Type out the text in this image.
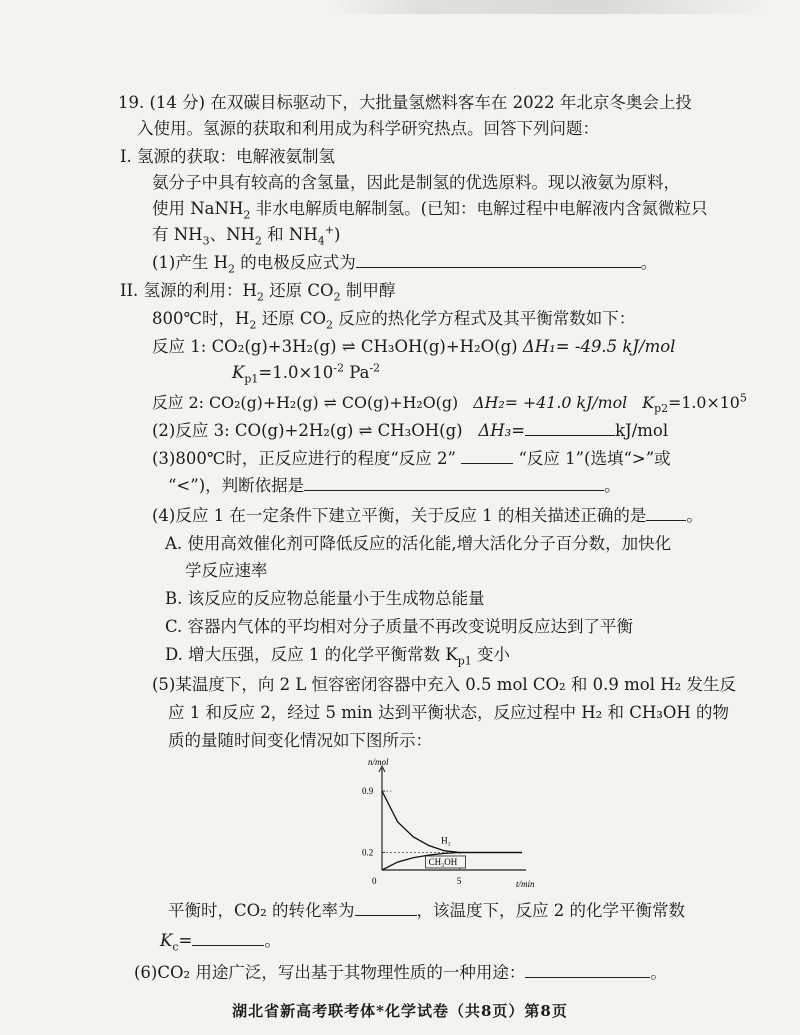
19. (14 分) 在双碳目标驱动下，大批量氢燃料客车在 2022 年北京冬奥会上投
入使用。氢源的获取和利用成为科学研究热点。回答下列问题：
I. 氢源的获取：电解液氨制氢
氨分子中具有较高的含氢量，因此是制氢的优选原料。现以液氨为原料，
使用 NaNH$_2$ 非水电解质电解制氢。(已知：电解过程中电解液内含氮微粒只
有 $NH_3$、$NH_2$ 和 $NH_4^+$)
(1)产生 $H_2$ 的电极反应式为	。
II. 氢源的利用：$H_2$ 还原 $CO_2$ 制甲醇
800℃时，$H_2$ 还原 $CO_2$ 反应的热化学方程式及其平衡常数如下：
反应 1: CO₂(g)+3H₂(g) ⇌ CH₃OH(g)+H₂O(g) ΔH₁= -49.5 kJ/mol
$K_{p1}=1.0\times 10^{-2}$ $Pa^{-2}$
反应 2: CO₂(g)+H₂(g) ⇌ CO(g)+H₂O(g) ΔH₂= +41.0 kJ/mol $K_{p2}=1.0\times 10^5$
(2)反应 3: CO(g)+2H₂(g) ⇌ CH₃OH(g) ΔH₃=	kJ/mol
(3)800℃时，正反应进行的程度“反应 2”	“反应 1”(选填“>”或
“<”)，判断依据是	。
(4)反应 1 在一定条件下建立平衡，关于反应 1 的相关描述正确的是 。
A. 使用高效催化剂可降低反应的活化能,增大活化分子百分数，加快化
学反应速率
B. 该反应的反应物总能量小于生成物总能量
C. 容器内气体的平均相对分子质量不再改变说明反应达到了平衡
D. 增大压强，反应 1 的化学平衡常数 $K_{p1}$ 变小
(5)某温度下，向 2 L 恒容密闭容器中充入 0.5 mol CO₂ 和 0.9 mol H₂ 发生反
应 1 和反应 2，经过 5 min 达到平衡状态，反应过程中 H₂ 和 CH₃OH 的物
质的量随时间变化情况如下图所示：
n/mol
t/min
0.9
0.2
0	5
H₂
CH₃OH
平衡时，CO₂ 的转化率为	，该温度下，反应 2 的化学平衡常数
$K_c=$	。
(6)CO₂ 用途广泛，写出基于其物理性质的一种用途：	。
湖北省新高考联考体*化学试卷（共8页）第8页
